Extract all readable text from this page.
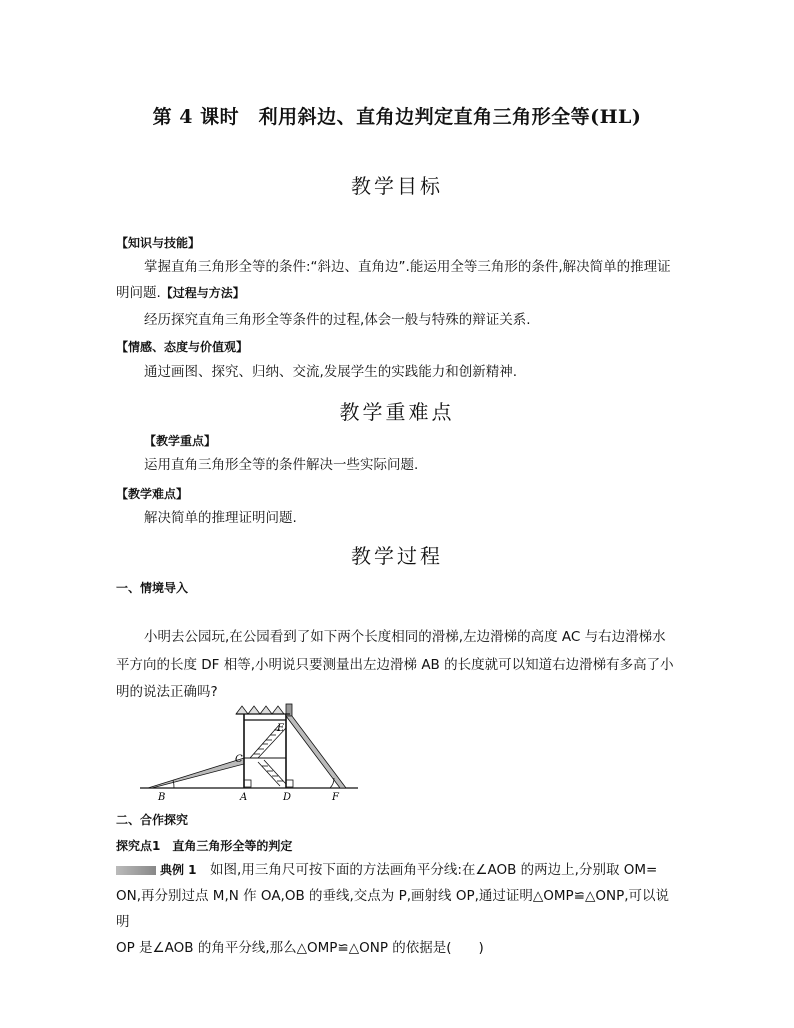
第 4 课时　利用斜边、直角边判定直角三角形全等(HL)
教学目标
【知识与技能】
掌握直角三角形全等的条件:“斜边、直角边”.能运用全等三角形的条件,解决简单的推理证
明问题.【过程与方法】
经历探究直角三角形全等条件的过程,体会一般与特殊的辩证关系.
【情感、态度与价值观】
通过画图、探究、归纳、交流,发展学生的实践能力和创新精神.
教学重难点
【教学重点】
运用直角三角形全等的条件解决一些实际问题.
【教学难点】
解决简单的推理证明问题.
教学过程
一、情境导入
小明去公园玩,在公园看到了如下两个长度相同的滑梯,左边滑梯的高度 AC 与右边滑梯水
平方向的长度 DF 相等,小明说只要测量出左边滑梯 AB 的长度就可以知道右边滑梯有多高了小
明的说法正确吗?
B	A	D	F
C
E
二、合作探究
探究点1　直角三角形全等的判定
典例 1　 如图,用三角尺可按下面的方法画角平分线:在∠AOB 的两边上,分别取 OM=
ON,再分别过点 M,N 作 OA,OB 的垂线,交点为 P,画射线 OP,通过证明△OMP≌△ONP,可以说明
OP 是∠AOB 的角平分线,那么△OMP≌△ONP 的依据是(　　)
